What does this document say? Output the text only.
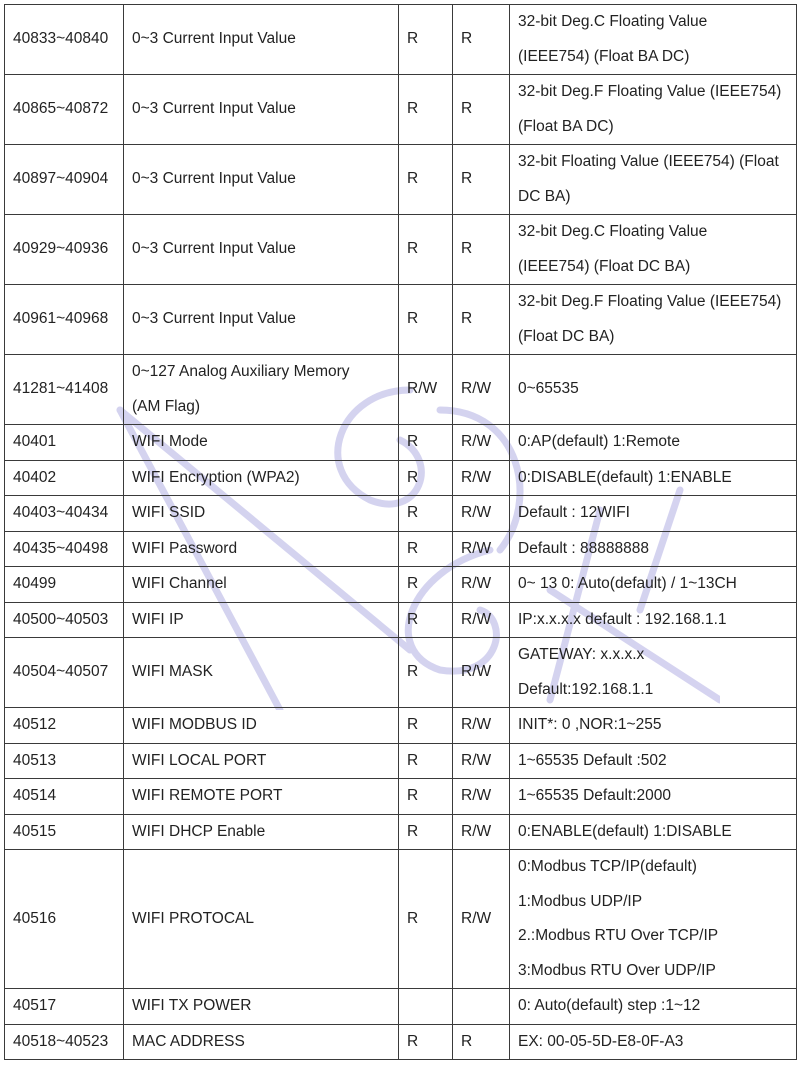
40833~40840	0~3 Current Input Value	R	R	32-bit Deg.C Floating Value
(IEEE754) (Float BA DC)

40865~40872	0~3 Current Input Value	R	R	32-bit Deg.F Floating Value (IEEE754)
(Float BA DC)

40897~40904	0~3 Current Input Value	R	R	32-bit Floating Value (IEEE754) (Float
DC BA)

40929~40936	0~3 Current Input Value	R	R	32-bit Deg.C Floating Value
(IEEE754) (Float DC BA)

40961~40968	0~3 Current Input Value	R	R	32-bit Deg.F Floating Value (IEEE754)
(Float DC BA)

41281~41408	0~127 Analog Auxiliary Memory
(AM Flag)	R/W	R/W	0~65535

40401	WIFI Mode	R	R/W	0:AP(default) 1:Remote

40402	WIFI Encryption (WPA2)	R	R/W	0:DISABLE(default) 1:ENABLE

40403~40434	WIFI SSID	R	R/W	Default : 12WIFI

40435~40498	WIFI Password	R	R/W	Default : 88888888

40499	WIFI Channel	R	R/W	0~ 13 0: Auto(default) / 1~13CH

40500~40503	WIFI IP	R	R/W	IP:x.x.x.x default : 192.168.1.1

40504~40507	WIFI MASK	R	R/W	GATEWAY: x.x.x.x
Default:192.168.1.1

40512	WIFI MODBUS ID	R	R/W	INIT*: 0 ,NOR:1~255

40513	WIFI LOCAL PORT	R	R/W	1~65535 Default :502

40514	WIFI REMOTE PORT	R	R/W	1~65535 Default:2000

40515	WIFI DHCP Enable	R	R/W	0:ENABLE(default) 1:DISABLE

40516	WIFI PROTOCAL	R	R/W	0:Modbus TCP/IP(default)
1:Modbus UDP/IP
2.:Modbus RTU Over TCP/IP
3:Modbus RTU Over UDP/IP

40517	WIFI TX POWER			0: Auto(default) step :1~12

40518~40523	MAC ADDRESS	R	R	EX: 00-05-5D-E8-0F-A3
